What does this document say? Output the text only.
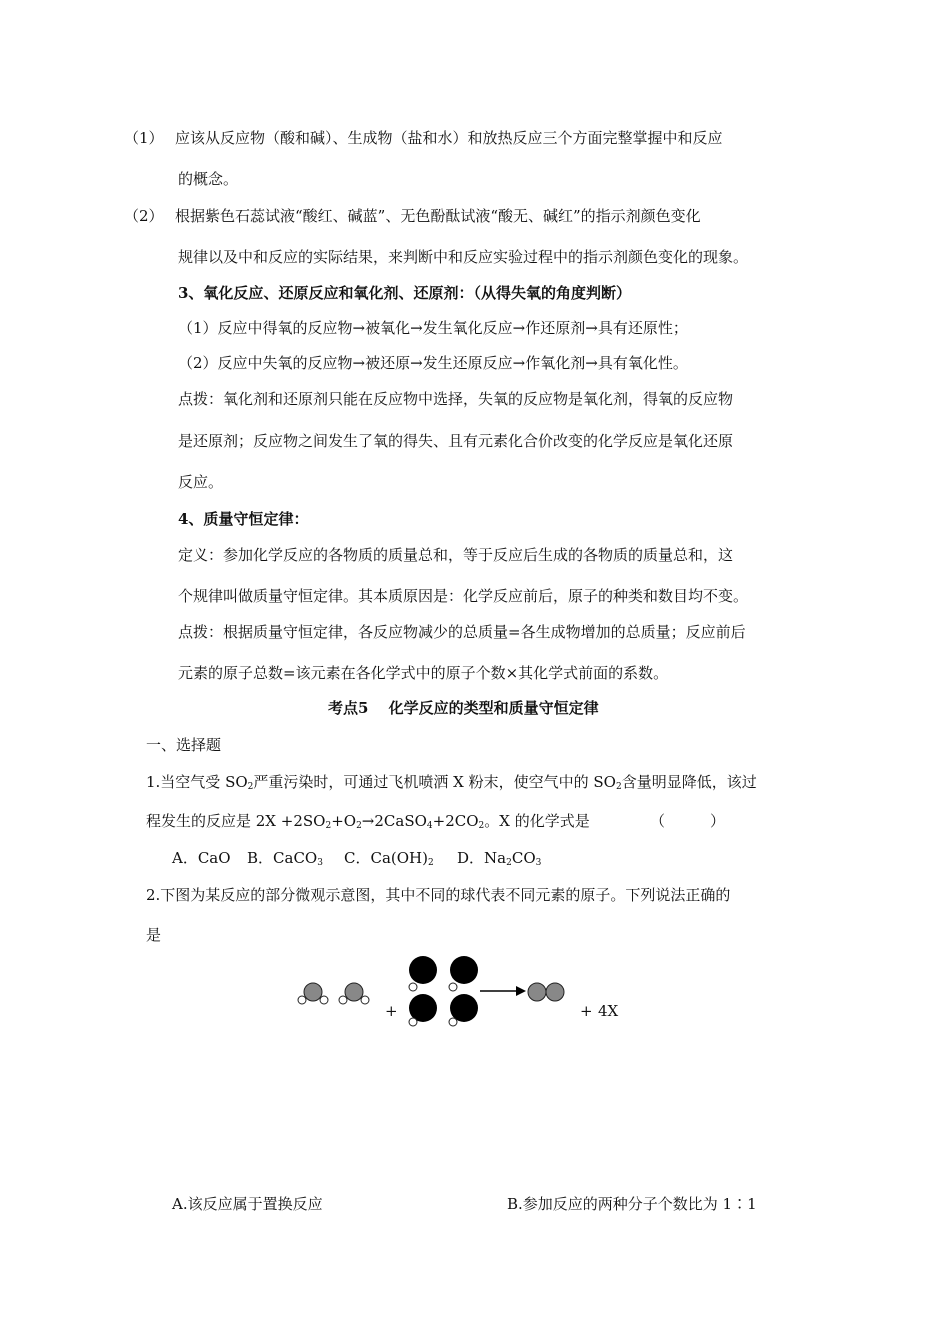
（1） 应该从反应物（酸和碱）、生成物（盐和水）和放热反应三个方面完整掌握中和反应
的概念。
（2） 根据紫色石蕊试液“酸红、碱蓝”、无色酚酞试液“酸无、碱红”的指示剂颜色变化
规律以及中和反应的实际结果，来判断中和反应实验过程中的指示剂颜色变化的现象。
3、氧化反应、还原反应和氧化剂、还原剂：（从得失氧的角度判断）
（1）反应中得氧的反应物→被氧化→发生氧化反应→作还原剂→具有还原性；
（2）反应中失氧的反应物→被还原→发生还原反应→作氧化剂→具有氧化性。
点拨：氧化剂和还原剂只能在反应物中选择，失氧的反应物是氧化剂，得氧的反应物
是还原剂；反应物之间发生了氧的得失、且有元素化合价改变的化学反应是氧化还原
反应。
4、质量守恒定律：
定义：参加化学反应的各物质的质量总和，等于反应后生成的各物质的质量总和，这
个规律叫做质量守恒定律。其本质原因是：化学反应前后，原子的种类和数目均不变。
点拨：根据质量守恒定律，各反应物减少的总质量=各生成物增加的总质量；反应前后
元素的原子总数=该元素在各化学式中的原子个数×其化学式前面的系数。
考点5　 化学反应的类型和质量守恒定律
一、选择题
1.当空气受 $SO_2$严重污染时，可通过飞机喷洒 X 粉末，使空气中的 $SO_2$含量明显降低，该过
程发生的反应是 $2X +2SO_2+O_2\to 2CaSO_4+2CO_2$。X 的化学式是	（　　　）
A．CaO B．CaCO$_3$ C．$Ca(OH)_2$ D．$Na_2CO_3$
2.下图为某反应的部分微观示意图，其中不同的球代表不同元素的原子。下列说法正确的
是
+	+ 4X
A.该反应属于置换反应	B.参加反应的两种分子个数比为 1∶1
